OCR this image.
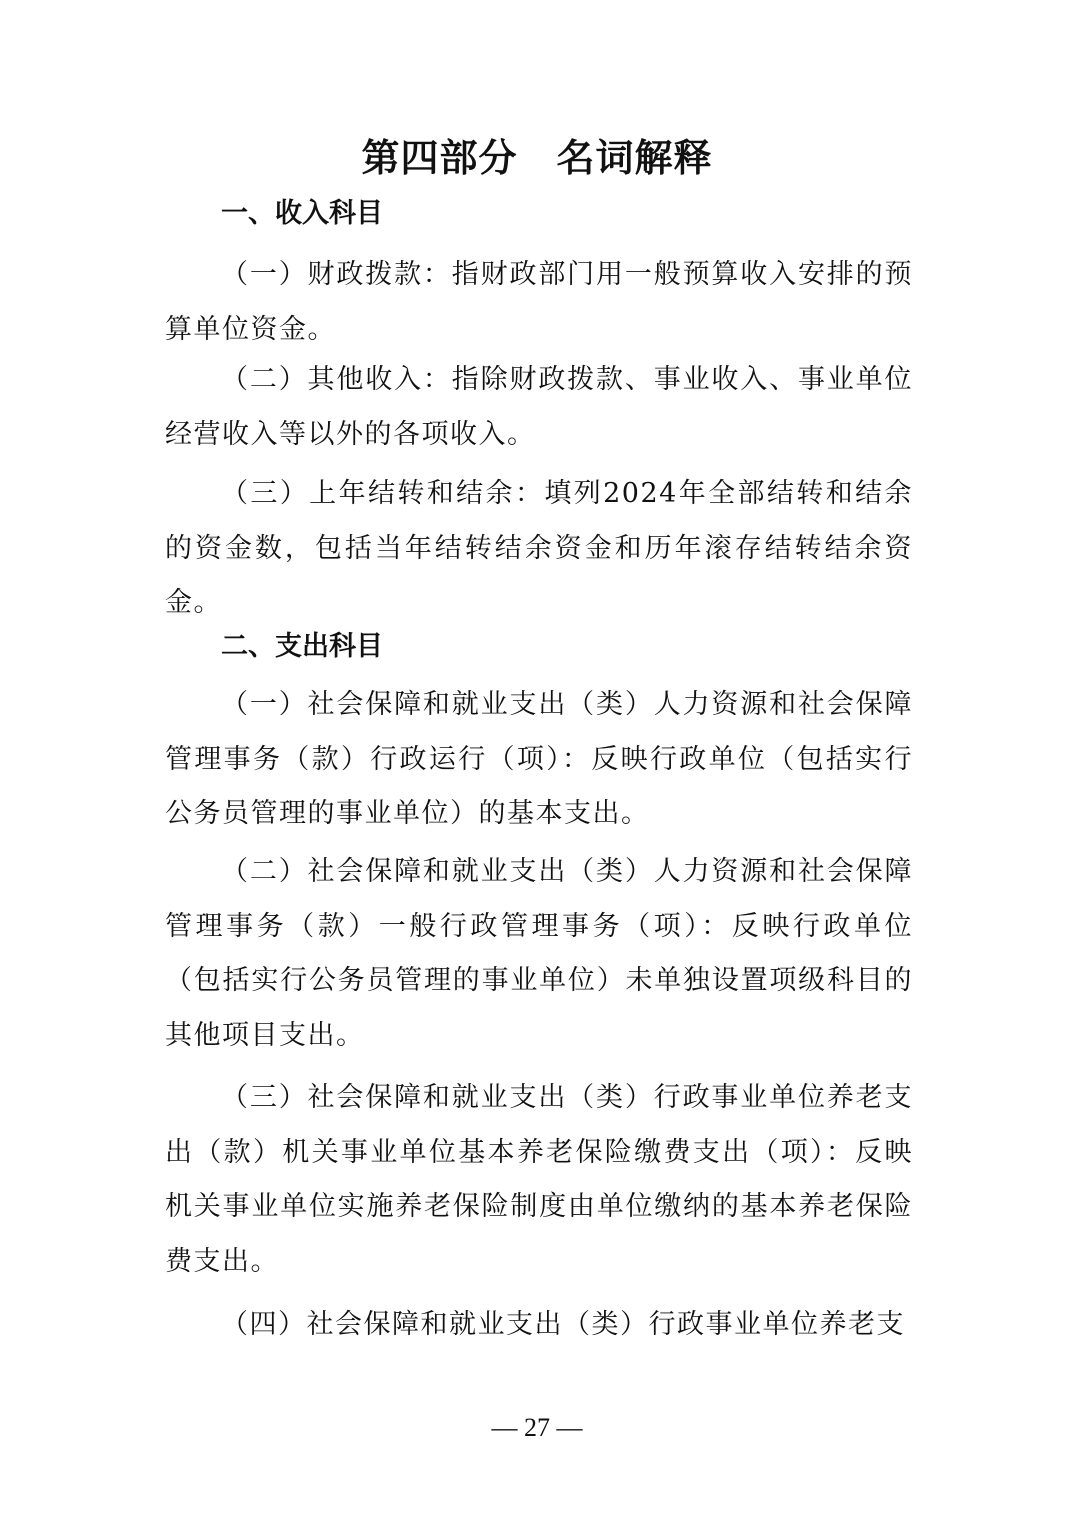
第四部分　名词解释
一、收入科目

（一）财政拨款：指财政部门用一般预算收入安排的预算单位资金。

（二）其他收入：指除财政拨款、事业收入、事业单位经营收入等以外的各项收入。

（三）上年结转和结余：填列2024年全部结转和结余的资金数，包括当年结转结余资金和历年滚存结转结余资金。

二、支出科目

（一）社会保障和就业支出（类）人力资源和社会保障管理事务（款）行政运行（项）：反映行政单位（包括实行公务员管理的事业单位）的基本支出。

（二）社会保障和就业支出（类）人力资源和社会保障管理事务（款）一般行政管理事务（项）：反映行政单位（包括实行公务员管理的事业单位）未单独设置项级科目的其他项目支出。

（三）社会保障和就业支出（类）行政事业单位养老支出（款）机关事业单位基本养老保险缴费支出（项）：反映机关事业单位实施养老保险制度由单位缴纳的基本养老保险费支出。

（四）社会保障和就业支出（类）行政事业单位养老支

— 27 —
